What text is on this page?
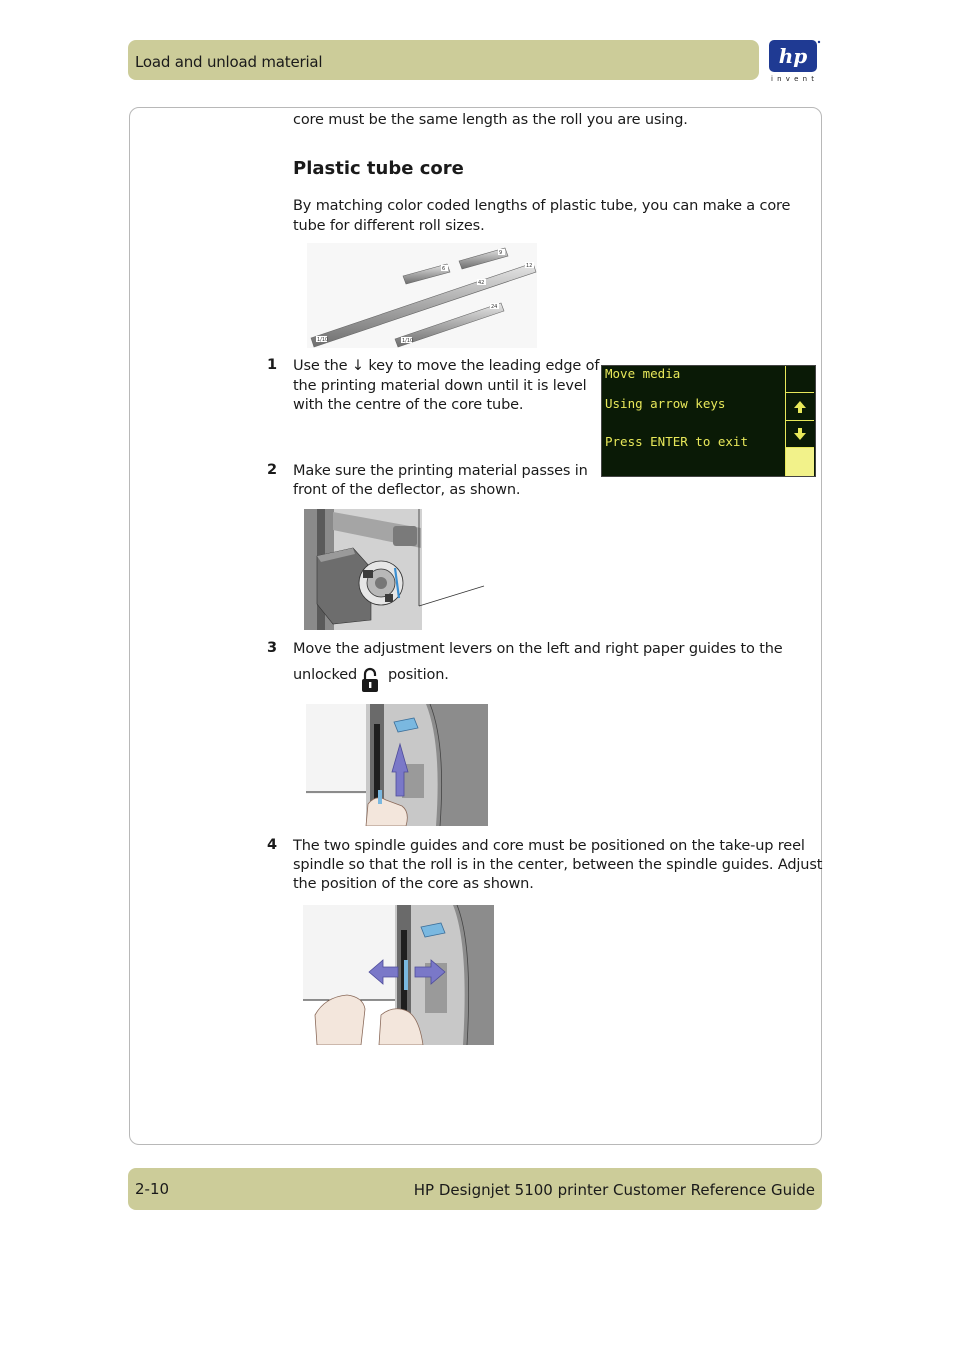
Load and unload material	hp
invent
core must be the same length as the roll you are using.
Plastic tube core
By matching color coded lengths of plastic tube, you can make a core tube for different roll sizes.
6
9
12
42
24
1/10	1/10
1 Use the ↓ key to move the leading edge of
the printing material down until it is level
with the centre of the core tube.
Move media
Using arrow keys
Press ENTER to exit
2 Make sure the printing material passes in
front of the deflector, as shown.
3 Move the adjustment levers on the left and right paper guides to the
unlocked position.
4 The two spindle guides and core must be positioned on the take-up reel
spindle so that the roll is in the center, between the spindle guides. Adjust
the position of the core as shown.
2-10	HP Designjet 5100 printer Customer Reference Guide
